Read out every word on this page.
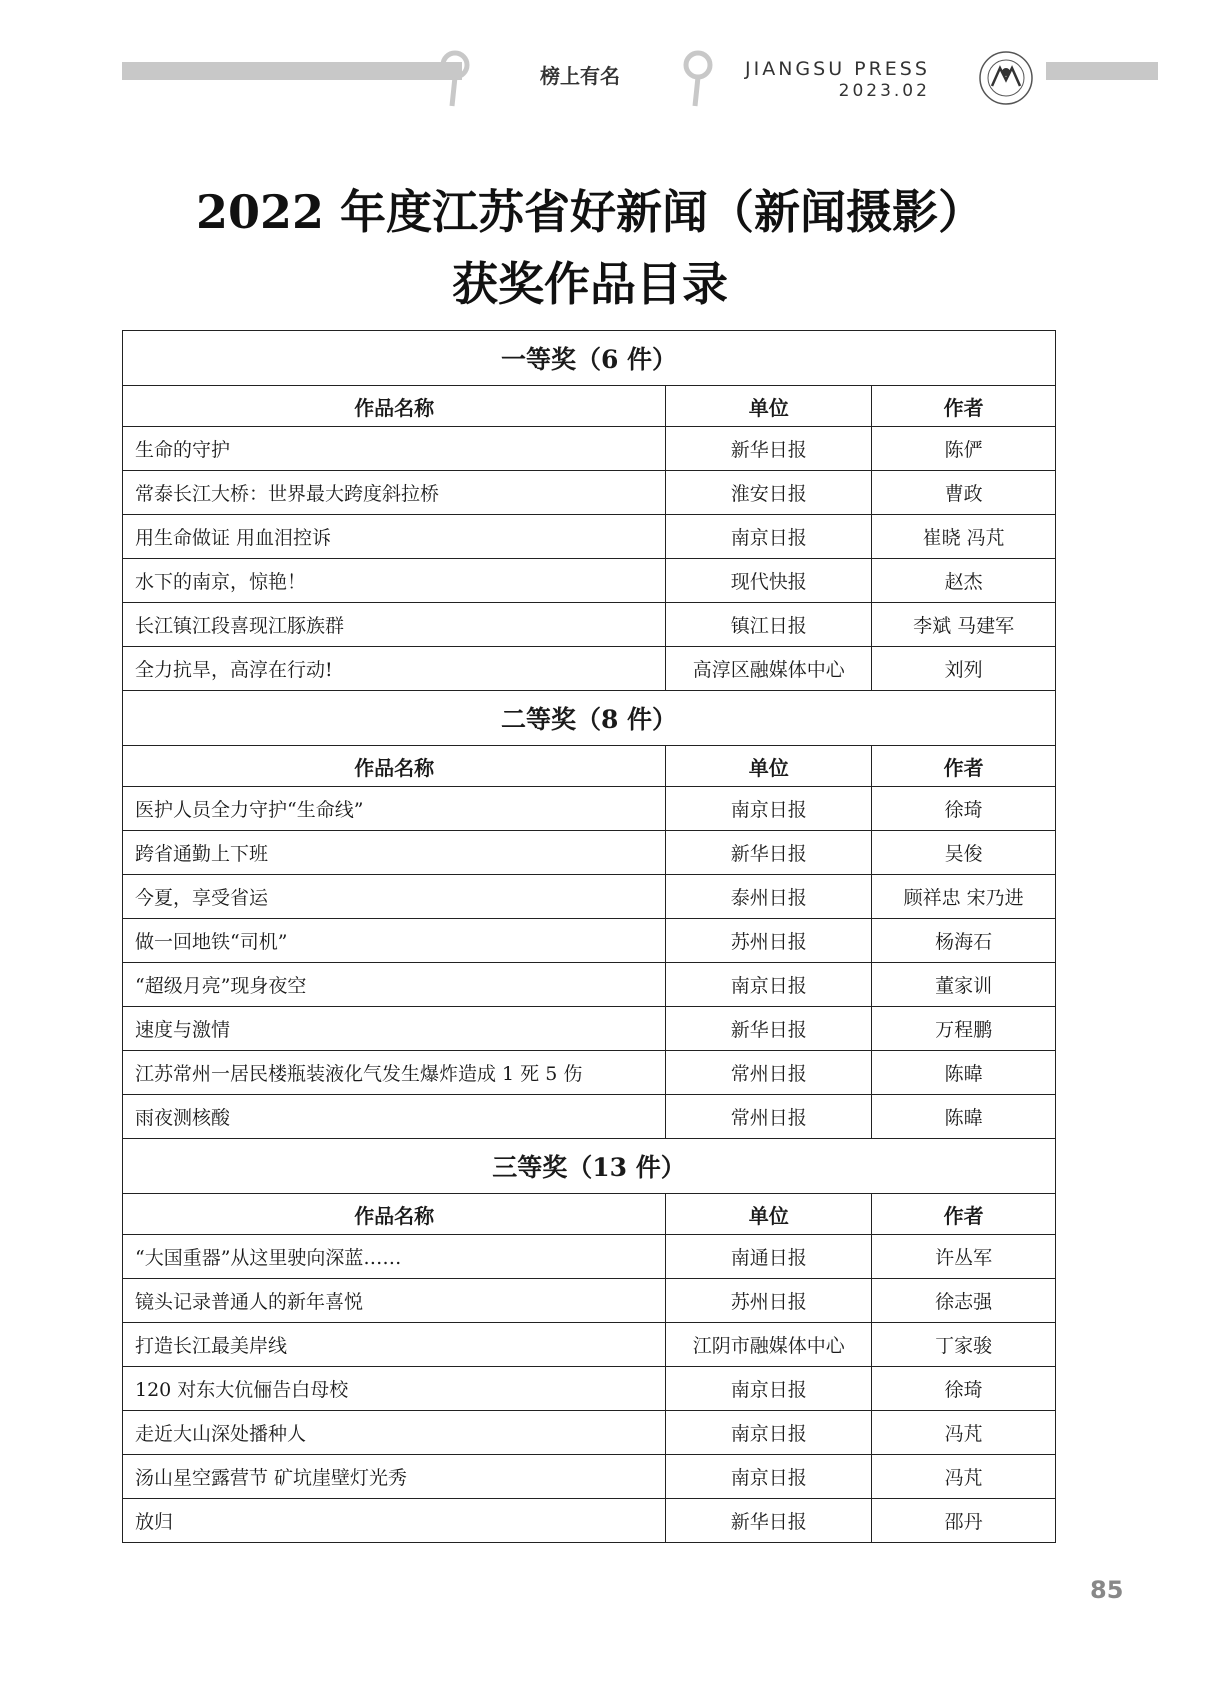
榜上有名	JIANGSU PRESS
2023.02
2022 年度江苏省好新闻（新闻摄影）
获奖作品目录
一等奖（6 件）		
作品名称	单位	作者
生命的守护	新华日报	陈俨
常泰长江大桥：世界最大跨度斜拉桥	淮安日报	曹政
用生命做证 用血泪控诉	南京日报	崔晓 冯芃
水下的南京，惊艳！	现代快报	赵杰
长江镇江段喜现江豚族群	镇江日报	李斌 马建军
全力抗旱，高淳在行动!	高淳区融媒体中心	刘列
二等奖（8 件）		
作品名称	单位	作者
医护人员全力守护“生命线”	南京日报	徐琦
跨省通勤上下班	新华日报	吴俊
今夏，享受省运	泰州日报	顾祥忠 宋乃进
做一回地铁“司机”	苏州日报	杨海石
“超级月亮”现身夜空	南京日报	董家训
速度与激情	新华日报	万程鹏
江苏常州一居民楼瓶装液化气发生爆炸造成 1 死 5 伤	常州日报	陈暐
雨夜测核酸	常州日报	陈暐
三等奖（13 件）		
作品名称	单位	作者
“大国重器”从这里驶向深蓝……	南通日报	许丛军
镜头记录普通人的新年喜悦	苏州日报	徐志强
打造长江最美岸线	江阴市融媒体中心	丁家骏
120 对东大伉俪告白母校	南京日报	徐琦
走近大山深处播种人	南京日报	冯芃
汤山星空露营节 矿坑崖壁灯光秀	南京日报	冯芃
放归	新华日报	邵丹
85
